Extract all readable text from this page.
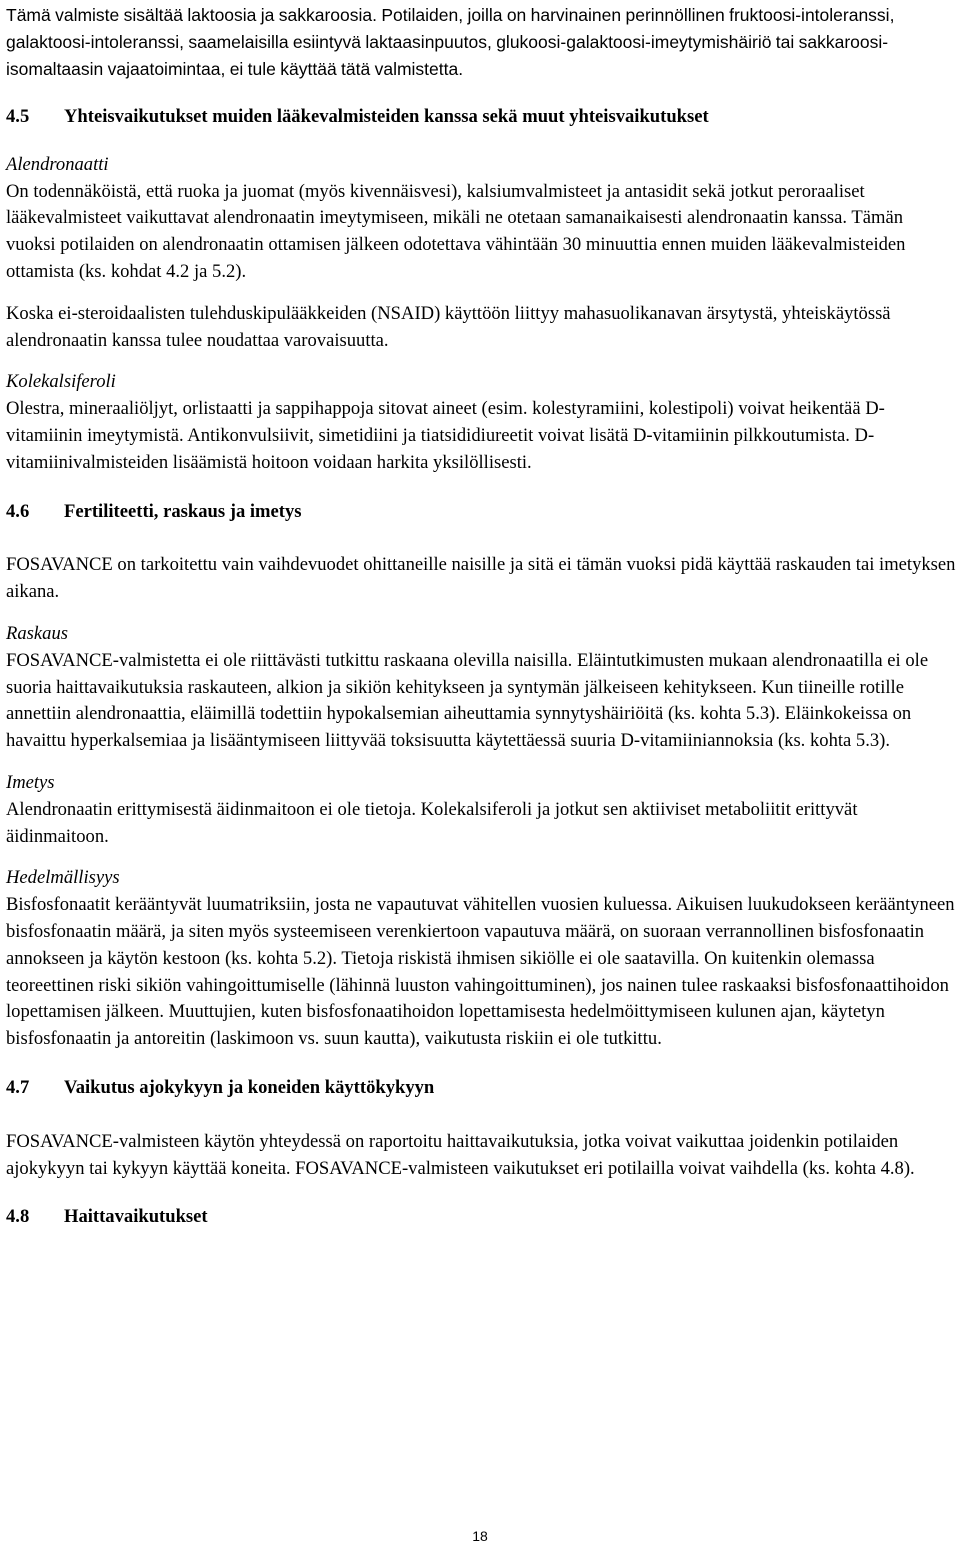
Tämä valmiste sisältää laktoosia ja sakkaroosia. Potilaiden, joilla on harvinainen perinnöllinen fruktoosi-intoleranssi, galaktoosi-intoleranssi, saamelaisilla esiintyvä laktaasinpuutos, glukoosi-galaktoosi-imeytymishäiriö tai sakkaroosi-isomaltaasin vajaatoimintaa, ei tule käyttää tätä valmistetta.

4.5	Yhteisvaikutukset muiden lääkevalmisteiden kanssa sekä muut yhteisvaikutukset

Alendronaatti

On todennäköistä, että ruoka ja juomat (myös kivennäisvesi), kalsiumvalmisteet ja antasidit sekä jotkut peroraaliset lääkevalmisteet vaikuttavat alendronaatin imeytymiseen, mikäli ne otetaan samanaikaisesti alendronaatin kanssa. Tämän vuoksi potilaiden on alendronaatin ottamisen jälkeen odotettava vähintään 30 minuuttia ennen muiden lääkevalmisteiden ottamista (ks. kohdat 4.2 ja 5.2).

Koska ei-steroidaalisten tulehduskipulääkkeiden (NSAID) käyttöön liittyy mahasuolikanavan ärsytystä, yhteiskäytössä alendronaatin kanssa tulee noudattaa varovaisuutta.

Kolekalsiferoli

Olestra, mineraaliöljyt, orlistaatti ja sappihappoja sitovat aineet (esim. kolestyramiini, kolestipoli) voivat heikentää D-vitamiinin imeytymistä. Antikonvulsiivit, simetidiini ja tiatsididiureetit voivat lisätä D-vitamiinin pilkkoutumista. D-vitamiinivalmisteiden lisäämistä hoitoon voidaan harkita yksilöllisesti.

4.6	Fertiliteetti, raskaus ja imetys

FOSAVANCE on tarkoitettu vain vaihdevuodet ohittaneille naisille ja sitä ei tämän vuoksi pidä käyttää raskauden tai imetyksen aikana.

Raskaus

FOSAVANCE-valmistetta ei ole riittävästi tutkittu raskaana olevilla naisilla. Eläintutkimusten mukaan alendronaatilla ei ole suoria haittavaikutuksia raskauteen, alkion ja sikiön kehitykseen ja syntymän jälkeiseen kehitykseen. Kun tiineille rotille annettiin alendronaattia, eläimillä todettiin hypokalsemian aiheuttamia synnytyshäiriöitä (ks. kohta 5.3). Eläinkokeissa on havaittu hyperkalsemiaa ja lisääntymiseen liittyvää toksisuutta käytettäessä suuria D-vitamiiniannoksia (ks. kohta 5.3).

Imetys

Alendronaatin erittymisestä äidinmaitoon ei ole tietoja. Kolekalsiferoli ja jotkut sen aktiiviset metaboliitit erittyvät äidinmaitoon.

Hedelmällisyys

Bisfosfonaatit kerääntyvät luumatriksiin, josta ne vapautuvat vähitellen vuosien kuluessa. Aikuisen luukudokseen kerääntyneen bisfosfonaatin määrä, ja siten myös systeemiseen verenkiertoon vapautuva määrä, on suoraan verrannollinen bisfosfonaatin annokseen ja käytön kestoon (ks. kohta 5.2). Tietoja riskistä ihmisen sikiölle ei ole saatavilla. On kuitenkin olemassa teoreettinen riski sikiön vahingoittumiselle (lähinnä luuston vahingoittuminen), jos nainen tulee raskaaksi bisfosfonaattihoidon lopettamisen jälkeen. Muuttujien, kuten bisfosfonaatihoidon lopettamisesta hedelmöittymiseen kulunen ajan, käytetyn bisfosfonaatin ja antoreitin (laskimoon vs. suun kautta), vaikutusta riskiin ei ole tutkittu.

4.7	Vaikutus ajokykyyn ja koneiden käyttökykyyn

FOSAVANCE-valmisteen käytön yhteydessä on raportoitu haittavaikutuksia, jotka voivat vaikuttaa joidenkin potilaiden ajokykyyn tai kykyyn käyttää koneita. FOSAVANCE-valmisteen vaikutukset eri potilailla voivat vaihdella (ks. kohta 4.8).

4.8	Haittavaikutukset
18
